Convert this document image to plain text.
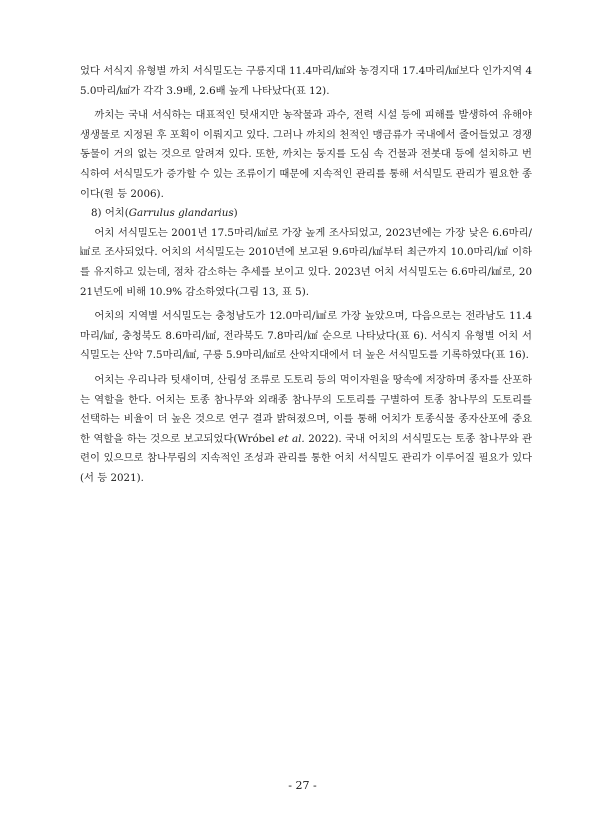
었다 서식지 유형별 까치 서식밀도는 구릉지대 11.4마리/㎢와 농경지대 17.4마리/㎢보다 인가지역 45.0마리/㎢가 각각 3.9배, 2.6배 높게 나타났다(표 12).

까치는 국내 서식하는 대표적인 텃새지만 농작물과 과수, 전력 시설 등에 피해를 발생하여 유해야생생물로 지정된 후 포획이 이뤄지고 있다. 그러나 까치의 천적인 맹금류가 국내에서 줄어들었고 경쟁 동물이 거의 없는 것으로 알려져 있다. 또한, 까치는 둥지를 도심 속 건물과 전봇대 등에 설치하고 번식하여 서식밀도가 증가할 수 있는 조류이기 때문에 지속적인 관리를 통해 서식밀도 관리가 필요한 종이다(원 등 2006).

8) 어치(Garrulus glandarius)

어치 서식밀도는 2001년 17.5마리/㎢로 가장 높게 조사되었고, 2023년에는 가장 낮은 6.6마리/㎢로 조사되었다. 어치의 서식밀도는 2010년에 보고된 9.6마리/㎢부터 최근까지 10.0마리/㎢ 이하를 유지하고 있는데, 점차 감소하는 추세를 보이고 있다. 2023년 어치 서식밀도는 6.6마리/㎢로, 2021년도에 비해 10.9% 감소하였다(그림 13, 표 5).

어치의 지역별 서식밀도는 충청남도가 12.0마리/㎢로 가장 높았으며, 다음으로는 전라남도 11.4마리/㎢, 충청북도 8.6마리/㎢, 전라북도 7.8마리/㎢ 순으로 나타났다(표 6). 서식지 유형별 어치 서식밀도는 산악 7.5마리/㎢, 구릉 5.9마리/㎢로 산악지대에서 더 높은 서식밀도를 기록하였다(표 16).

어치는 우리나라 텃새이며, 산림성 조류로 도토리 등의 먹이자원을 땅속에 저장하며 종자를 산포하는 역할을 한다. 어치는 토종 참나무와 외래종 참나무의 도토리를 구별하여 토종 참나무의 도토리를 선택하는 비율이 더 높은 것으로 연구 결과 밝혀졌으며, 이를 통해 어치가 토종식물 종자산포에 중요한 역할을 하는 것으로 보고되었다(Wróbel et al. 2022). 국내 어치의 서식밀도는 토종 참나무와 관련이 있으므로 참나무림의 지속적인 조성과 관리를 통한 어치 서식밀도 관리가 이루어질 필요가 있다(서 등 2021).

- 27 -
